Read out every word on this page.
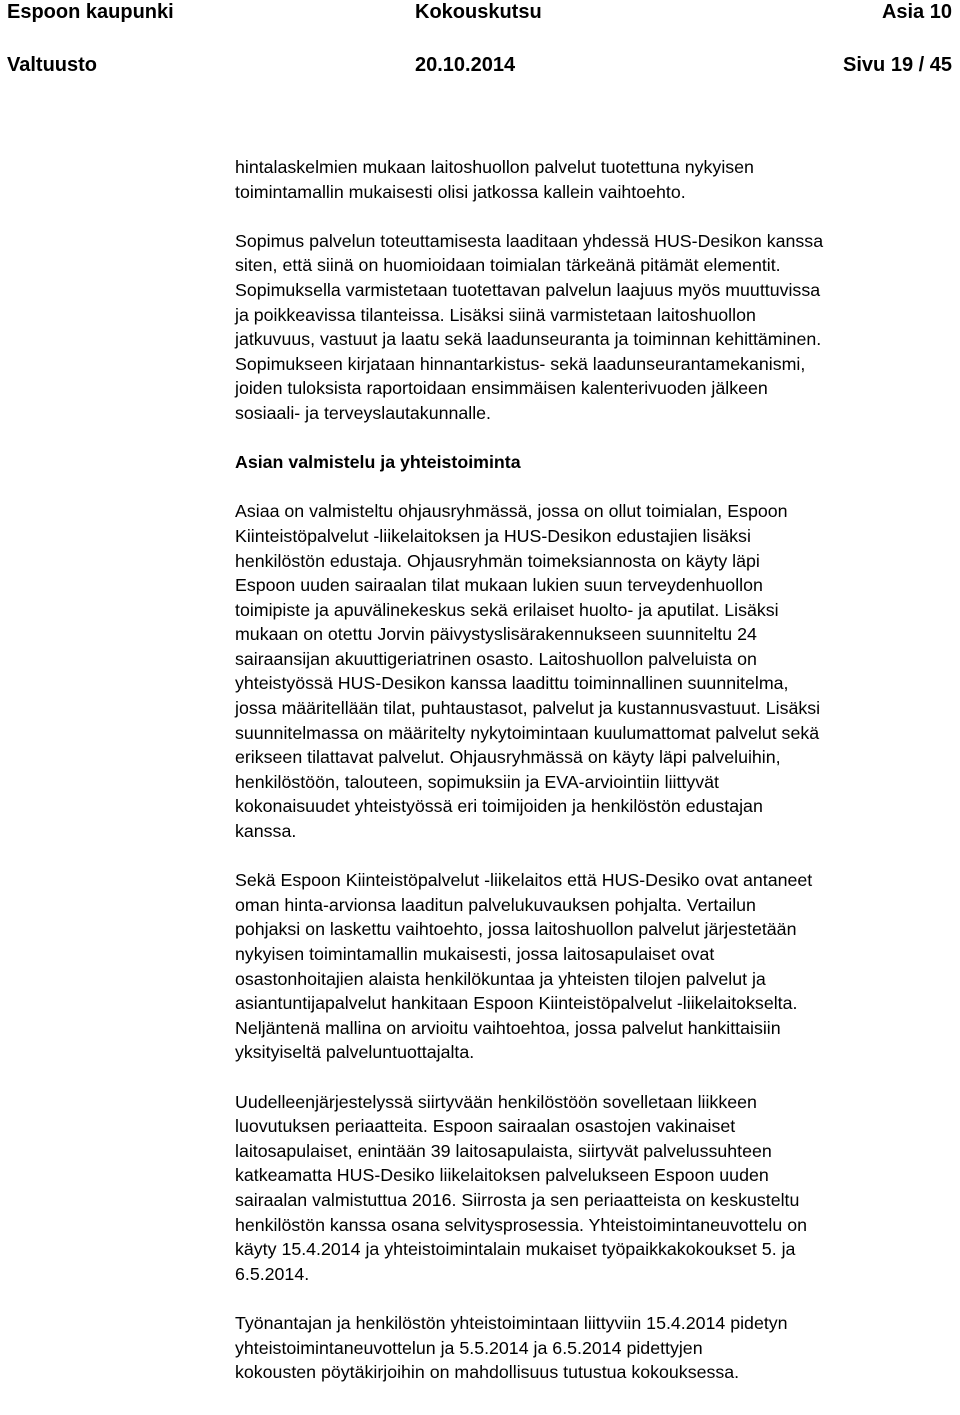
Espoon kaupunki	Kokouskutsu	Asia 10
Valtuusto	20.10.2014	Sivu 19 / 45
hintalaskelmien mukaan laitoshuollon palvelut tuotettuna nykyisen
toimintamallin mukaisesti olisi jatkossa kallein vaihtoehto.
Sopimus palvelun toteuttamisesta laaditaan yhdessä HUS-Desikon kanssa
siten, että siinä on huomioidaan toimialan tärkeänä pitämät elementit.
Sopimuksella varmistetaan tuotettavan palvelun laajuus myös muuttuvissa
ja poikkeavissa tilanteissa. Lisäksi siinä varmistetaan laitoshuollon
jatkuvuus, vastuut ja laatu sekä laadunseuranta ja toiminnan kehittäminen.
Sopimukseen kirjataan hinnantarkistus- sekä laadunseurantamekanismi,
joiden tuloksista raportoidaan ensimmäisen kalenterivuoden jälkeen
sosiaali- ja terveyslautakunnalle.
Asian valmistelu ja yhteistoiminta
Asiaa on valmisteltu ohjausryhmässä, jossa on ollut toimialan, Espoon
Kiinteistöpalvelut -liikelaitoksen ja HUS-Desikon edustajien lisäksi
henkilöstön edustaja. Ohjausryhmän toimeksiannosta on käyty läpi
Espoon uuden sairaalan tilat mukaan lukien suun terveydenhuollon
toimipiste ja apuvälinekeskus sekä erilaiset huolto- ja aputilat. Lisäksi
mukaan on otettu Jorvin päivystyslisärakennukseen suunniteltu 24
sairaansijan akuuttigeriatrinen osasto. Laitoshuollon palveluista on
yhteistyössä HUS-Desikon kanssa laadittu toiminnallinen suunnitelma,
jossa määritellään tilat, puhtaustasot, palvelut ja kustannusvastuut. Lisäksi
suunnitelmassa on määritelty nykytoimintaan kuulumattomat palvelut sekä
erikseen tilattavat palvelut. Ohjausryhmässä on käyty läpi palveluihin,
henkilöstöön, talouteen, sopimuksiin ja EVA-arviointiin liittyvät
kokonaisuudet yhteistyössä eri toimijoiden ja henkilöstön edustajan
kanssa.
Sekä Espoon Kiinteistöpalvelut -liikelaitos että HUS-Desiko ovat antaneet
oman hinta-arvionsa laaditun palvelukuvauksen pohjalta. Vertailun
pohjaksi on laskettu vaihtoehto, jossa laitoshuollon palvelut järjestetään
nykyisen toimintamallin mukaisesti, jossa laitosapulaiset ovat
osastonhoitajien alaista henkilökuntaa ja yhteisten tilojen palvelut ja
asiantuntijapalvelut hankitaan Espoon Kiinteistöpalvelut -liikelaitokselta.
Neljäntenä mallina on arvioitu vaihtoehtoa, jossa palvelut hankittaisiin
yksityiseltä palveluntuottajalta.
Uudelleenjärjestelyssä siirtyvään henkilöstöön sovelletaan liikkeen
luovutuksen periaatteita. Espoon sairaalan osastojen vakinaiset
laitosapulaiset, enintään 39 laitosapulaista, siirtyvät palvelussuhteen
katkeamatta HUS-Desiko liikelaitoksen palvelukseen Espoon uuden
sairaalan valmistuttua 2016. Siirrosta ja sen periaatteista on keskusteltu
henkilöstön kanssa osana selvitysprosessia. Yhteistoimintaneuvottelu on
käyty 15.4.2014 ja yhteistoimintalain mukaiset työpaikkakokoukset 5. ja
6.5.2014.
Työnantajan ja henkilöstön yhteistoimintaan liittyviin 15.4.2014 pidetyn
yhteistoimintaneuvottelun ja 5.5.2014 ja 6.5.2014 pidettyjen
kokousten pöytäkirjoihin on mahdollisuus tutustua kokouksessa.
